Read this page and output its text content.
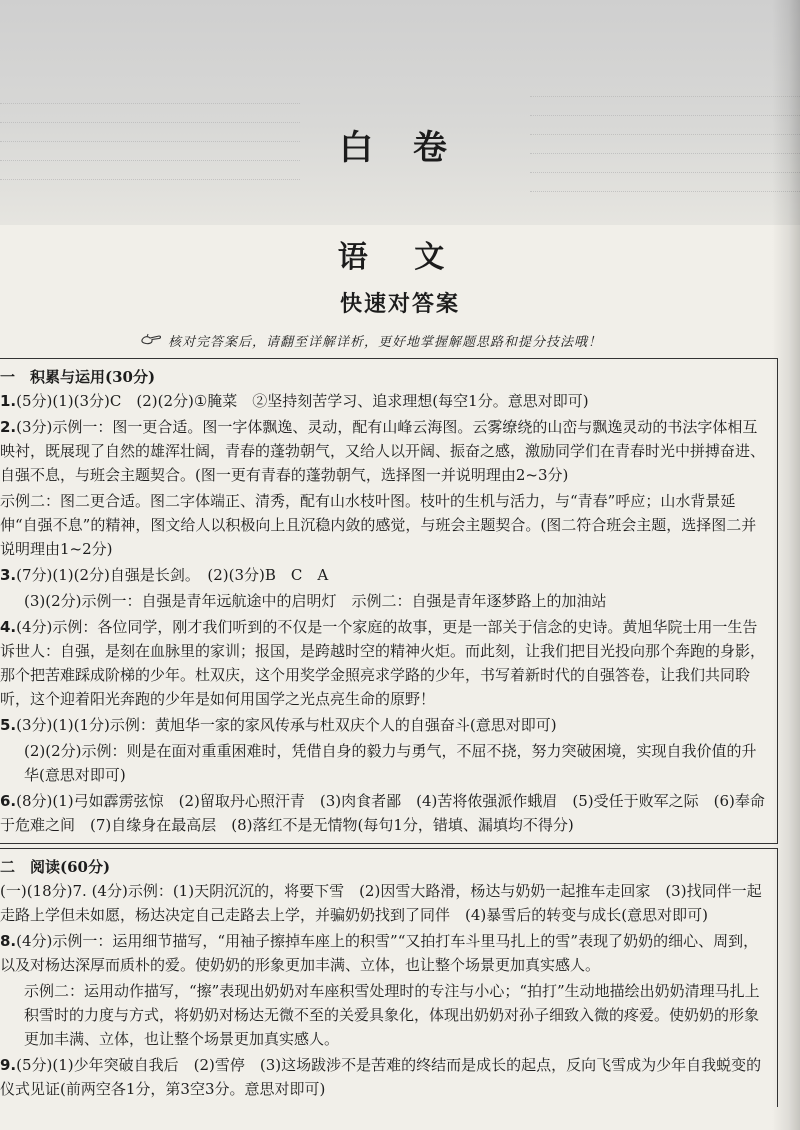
白 卷
语 文
快速对答案
核对完答案后，请翻至详解详析，更好地掌握解题思路和提分技法哦！
一　积累与运用(30分)
1.(5分)(1)(3分)C　(2)(2分)①腌菜　②坚持刻苦学习、追求理想(每空1分。意思对即可)
2.(3分)示例一：图一更合适。图一字体飘逸、灵动，配有山峰云海图。云雾缭绕的山峦与飘逸灵动的书法字体相互映衬，既展现了自然的雄浑壮阔，青春的蓬勃朝气，又给人以开阔、振奋之感，激励同学们在青春时光中拼搏奋进、自强不息，与班会主题契合。(图一更有青春的蓬勃朝气，选择图一并说明理由2~3分)
示例二：图二更合适。图二字体端正、清秀，配有山水枝叶图。枝叶的生机与活力，与“青春”呼应；山水背景延伸“自强不息”的精神，图文给人以积极向上且沉稳内敛的感觉，与班会主题契合。(图二符合班会主题，选择图二并说明理由1~2分)
3.(7分)(1)(2分)自强是长剑。　(2)(3分)B　C　A
(3)(2分)示例一：自强是青年远航途中的启明灯　示例二：自强是青年逐梦路上的加油站
4.(4分)示例：各位同学，刚才我们听到的不仅是一个家庭的故事，更是一部关于信念的史诗。黄旭华院士用一生告诉世人：自强，是刻在血脉里的家训；报国，是跨越时空的精神火炬。而此刻，让我们把目光投向那个奔跑的身影，那个把苦难踩成阶梯的少年。杜双庆，这个用奖学金照亮求学路的少年，书写着新时代的自强答卷，让我们共同聆听，这个迎着阳光奔跑的少年是如何用国学之光点亮生命的原野！
5.(3分)(1)(1分)示例：黄旭华一家的家风传承与杜双庆个人的自强奋斗(意思对即可)
(2)(2分)示例：则是在面对重重困难时，凭借自身的毅力与勇气，不屈不挠，努力突破困境，实现自我价值的升华(意思对即可)
6.(8分)(1)弓如霹雳弦惊　(2)留取丹心照汗青　(3)肉食者鄙　(4)苦将侬强派作蛾眉　(5)受任于败军之际　(6)奉命于危难之间　(7)自缘身在最高层　(8)落红不是无情物(每句1分，错填、漏填均不得分)
二　阅读(60分)
(一)(18分)7. (4分)示例：(1)天阴沉沉的，将要下雪　(2)因雪大路滑，杨达与奶奶一起推车走回家　(3)找同伴一起走路上学但未如愿，杨达决定自己走路去上学，并骗奶奶找到了同伴　(4)暴雪后的转变与成长(意思对即可)
8.(4分)示例一：运用细节描写，“用袖子擦掉车座上的积雪”“又拍打车斗里马扎上的雪”表现了奶奶的细心、周到，以及对杨达深厚而质朴的爱。使奶奶的形象更加丰满、立体，也让整个场景更加真实感人。
示例二：运用动作描写，“擦”表现出奶奶对车座积雪处理时的专注与小心；“拍打”生动地描绘出奶奶清理马扎上积雪时的力度与方式，将奶奶对杨达无微不至的关爱具象化，体现出奶奶对孙子细致入微的疼爱。使奶奶的形象更加丰满、立体，也让整个场景更加真实感人。
9.(5分)(1)少年突破自我后　(2)雪停　(3)这场跋涉不是苦难的终结而是成长的起点，反向飞雪成为少年自我蜕变的仪式见证(前两空各1分，第3空3分。意思对即可)
